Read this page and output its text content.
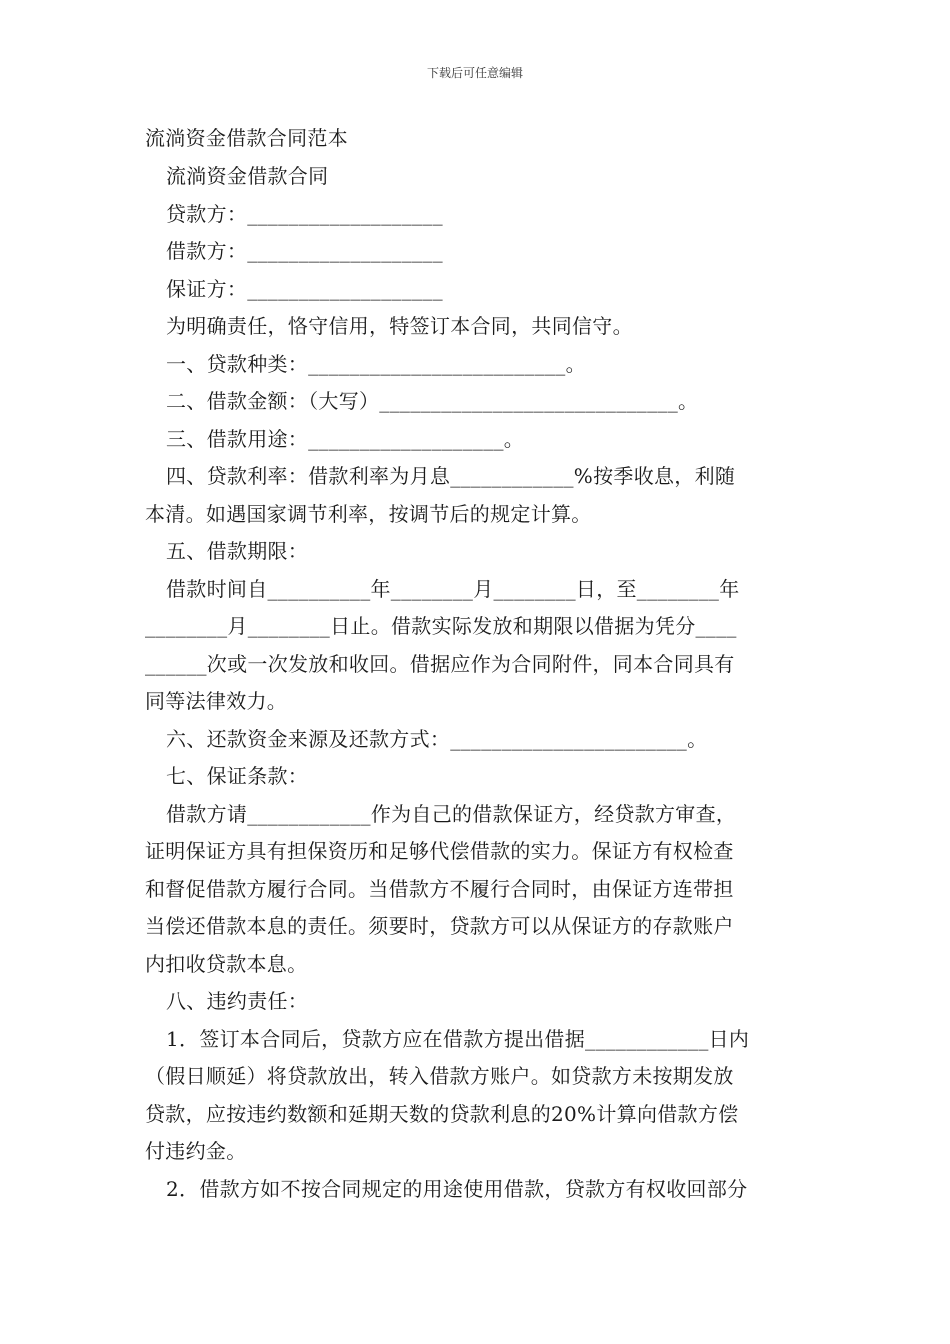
下载后可任意编辑
流淌资金借款合同范本
流淌资金借款合同
贷款方：___________________
借款方：___________________
保证方：___________________
为明确责任，恪守信用，特签订本合同，共同信守。
一、贷款种类：_________________________。
二、借款金额：（大写）_____________________________。
三、借款用途：___________________。
四、贷款利率：借款利率为月息____________%按季收息，利随
本清。如遇国家调节利率，按调节后的规定计算。
五、借款期限：
借款时间自__________年________月________日，至________年
________月________日止。借款实际发放和期限以借据为凭分____
______次或一次发放和收回。借据应作为合同附件，同本合同具有
同等法律效力。
六、还款资金来源及还款方式：_______________________。
七、保证条款：
借款方请____________作为自己的借款保证方，经贷款方审查，
证明保证方具有担保资历和足够代偿借款的实力。保证方有权检查
和督促借款方履行合同。当借款方不履行合同时，由保证方连带担
当偿还借款本息的责任。须要时，贷款方可以从保证方的存款账户
内扣收贷款本息。
八、违约责任：
1．签订本合同后，贷款方应在借款方提出借据____________日内
（假日顺延）将贷款放出，转入借款方账户。如贷款方未按期发放
贷款，应按违约数额和延期天数的贷款利息的20%计算向借款方偿
付违约金。
2．借款方如不按合同规定的用途使用借款，贷款方有权收回部分
